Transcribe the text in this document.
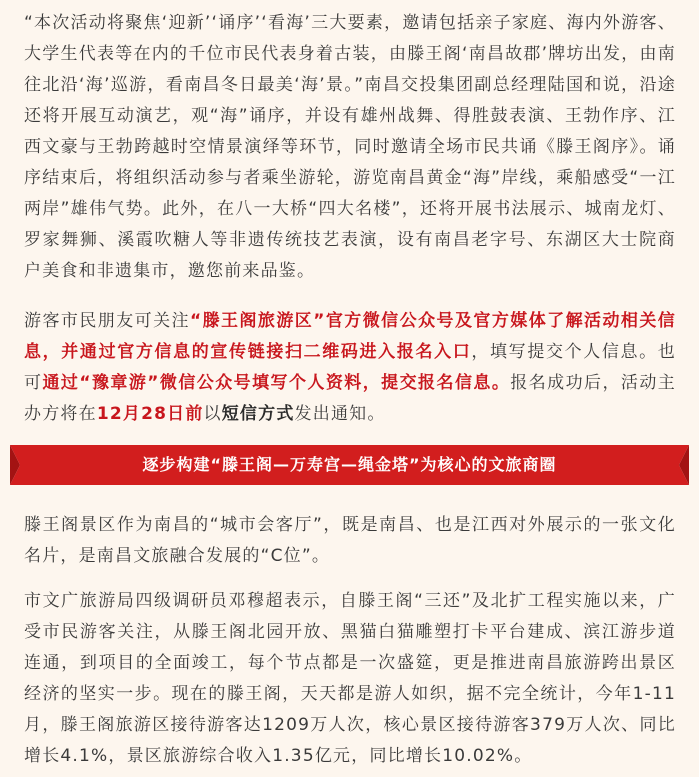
“本次活动将聚焦‘迎新’‘诵序’‘看海’三大要素，邀请包括亲子家庭、海内外游客、大学生代表等在内的千位市民代表身着古装，由滕王阁‘南昌故郡’牌坊出发，由南往北沿‘海’巡游，看南昌冬日最美‘海’景。”南昌交投集团副总经理陆国和说，沿途还将开展互动演艺，观“海”诵序，并设有雄州战舞、得胜鼓表演、王勃作序、江西文豪与王勃跨越时空情景演绎等环节，同时邀请全场市民共诵《滕王阁序》。诵序结束后，将组织活动参与者乘坐游轮，游览南昌黄金“海”岸线，乘船感受“一江两岸”雄伟气势。此外，在八一大桥“四大名楼”，还将开展书法展示、城南龙灯、罗家舞狮、溪霞吹糖人等非遗传统技艺表演，设有南昌老字号、东湖区大士院商户美食和非遗集市，邀您前来品鉴。

游客市民朋友可关注“滕王阁旅游区”官方微信公众号及官方媒体了解活动相关信息，并通过官方信息的宣传链接扫二维码进入报名入口，填写提交个人信息。也可通过“豫章游”微信公众号填写个人资料，提交报名信息。报名成功后，活动主办方将在12月28日前以短信方式发出通知。

逐步构建“滕王阁—万寿宫—绳金塔”为核心的文旅商圈

滕王阁景区作为南昌的“城市会客厅”，既是南昌、也是江西对外展示的一张文化名片，是南昌文旅融合发展的“C位”。

市文广旅游局四级调研员邓穆超表示，自滕王阁“三还”及北扩工程实施以来，广受市民游客关注，从滕王阁北园开放、黑猫白猫雕塑打卡平台建成、滨江游步道连通，到项目的全面竣工，每个节点都是一次盛筵，更是推进南昌旅游跨出景区经济的坚实一步。现在的滕王阁，天天都是游人如织，据不完全统计，今年1-11月，滕王阁旅游区接待游客达1209万人次，核心景区接待游客379万人次、同比增长4.1%，景区旅游综合收入1.35亿元，同比增长10.02%。
